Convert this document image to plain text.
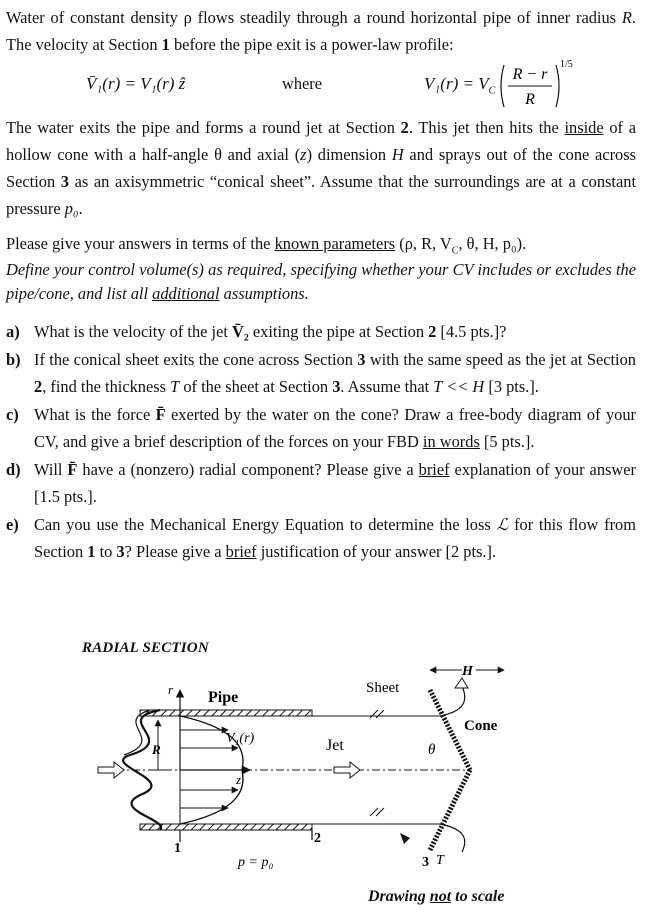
Water of constant density ρ flows steadily through a round horizontal pipe of inner radius R. The velocity at Section 1 before the pipe exit is a power-law profile:
V̄₁(r) = V₁(r) ẑ	where	$V_1(r) = V_C$
R − r
R
1/5
The water exits the pipe and forms a round jet at Section 2. This jet then hits the inside of a hollow cone with a half-angle θ and axial (z) dimension H and sprays out of the cone across Section 3 as an axisymmetric “conical sheet”. Assume that the surroundings are at a constant pressure p₀.
Please give your answers in terms of the known parameters (ρ, R, $V_C$, θ, H, p₀).
Define your control volume(s) as required, specifying whether your CV includes or excludes the pipe/cone, and list all additional assumptions.
a) What is the velocity of the jet V̄₂ exiting the pipe at Section 2 [4.5 pts.]?
b) If the conical sheet exits the cone across Section 3 with the same speed as the jet at Section 2, find the thickness T of the sheet at Section 3. Assume that T << H [3 pts.].
c) What is the force F̄ exerted by the water on the cone? Draw a free-body diagram of your CV, and give a brief description of the forces on your FBD in words [5 pts.].
d) Will F̄ have a (nonzero) radial component? Please give a brief explanation of your answer [1.5 pts.].
e) Can you use the Mechanical Energy Equation to determine the loss ℒ for this flow from Section 1 to 3? Please give a brief justification of your answer [2 pts.].
RADIAL SECTION
r Pipe
R
V₁(r)
z
Jet
1
2
p = p₀
Sheet
H
Cone
θ
3 T
Drawing not to scale
